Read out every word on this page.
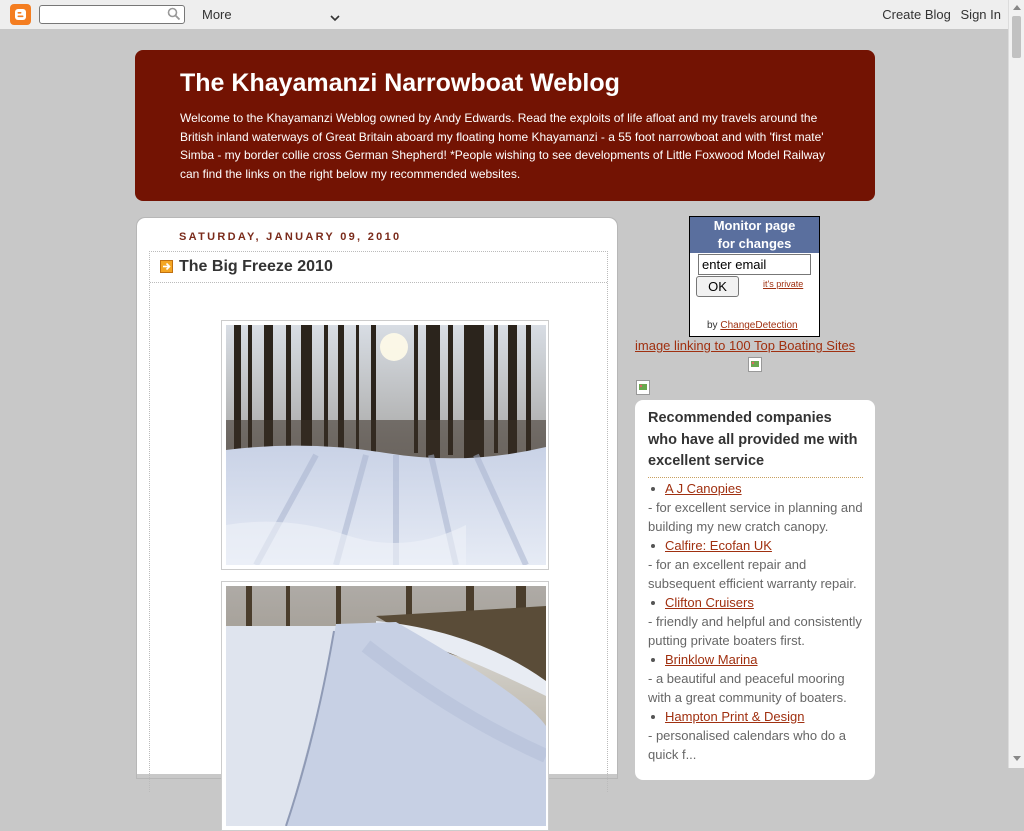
More	Create Blog Sign In
The Khayamanzi Narrowboat Weblog

Welcome to the Khayamanzi Weblog owned by Andy Edwards. Read the exploits of life afloat and my travels around the British inland waterways of Great Britain aboard my floating home Khayamanzi - a 55 foot narrowboat and with 'first mate' Simba - my border collie cross German Shepherd! *People wishing to see developments of Little Foxwood Model Railway can find the links on the right below my recommended websites.

SATURDAY, JANUARY 09, 2010
The Big Freeze 2010
Monitor page
for changes
enter email
OK	it's private
by ChangeDetection
image linking to 100 Top Boating Sites
Recommended companies who have all provided me with excellent service
A J Canopies
- for excellent service in planning and building my new cratch canopy.
Calfire: Ecofan UK
- for an excellent repair and subsequent efficient warranty repair.
Clifton Cruisers
- friendly and helpful and consistently putting private boaters first.
Brinklow Marina
- a beautiful and peaceful mooring with a great community of boaters.
Hampton Print & Design
- personalised calendars who do a quick f...
